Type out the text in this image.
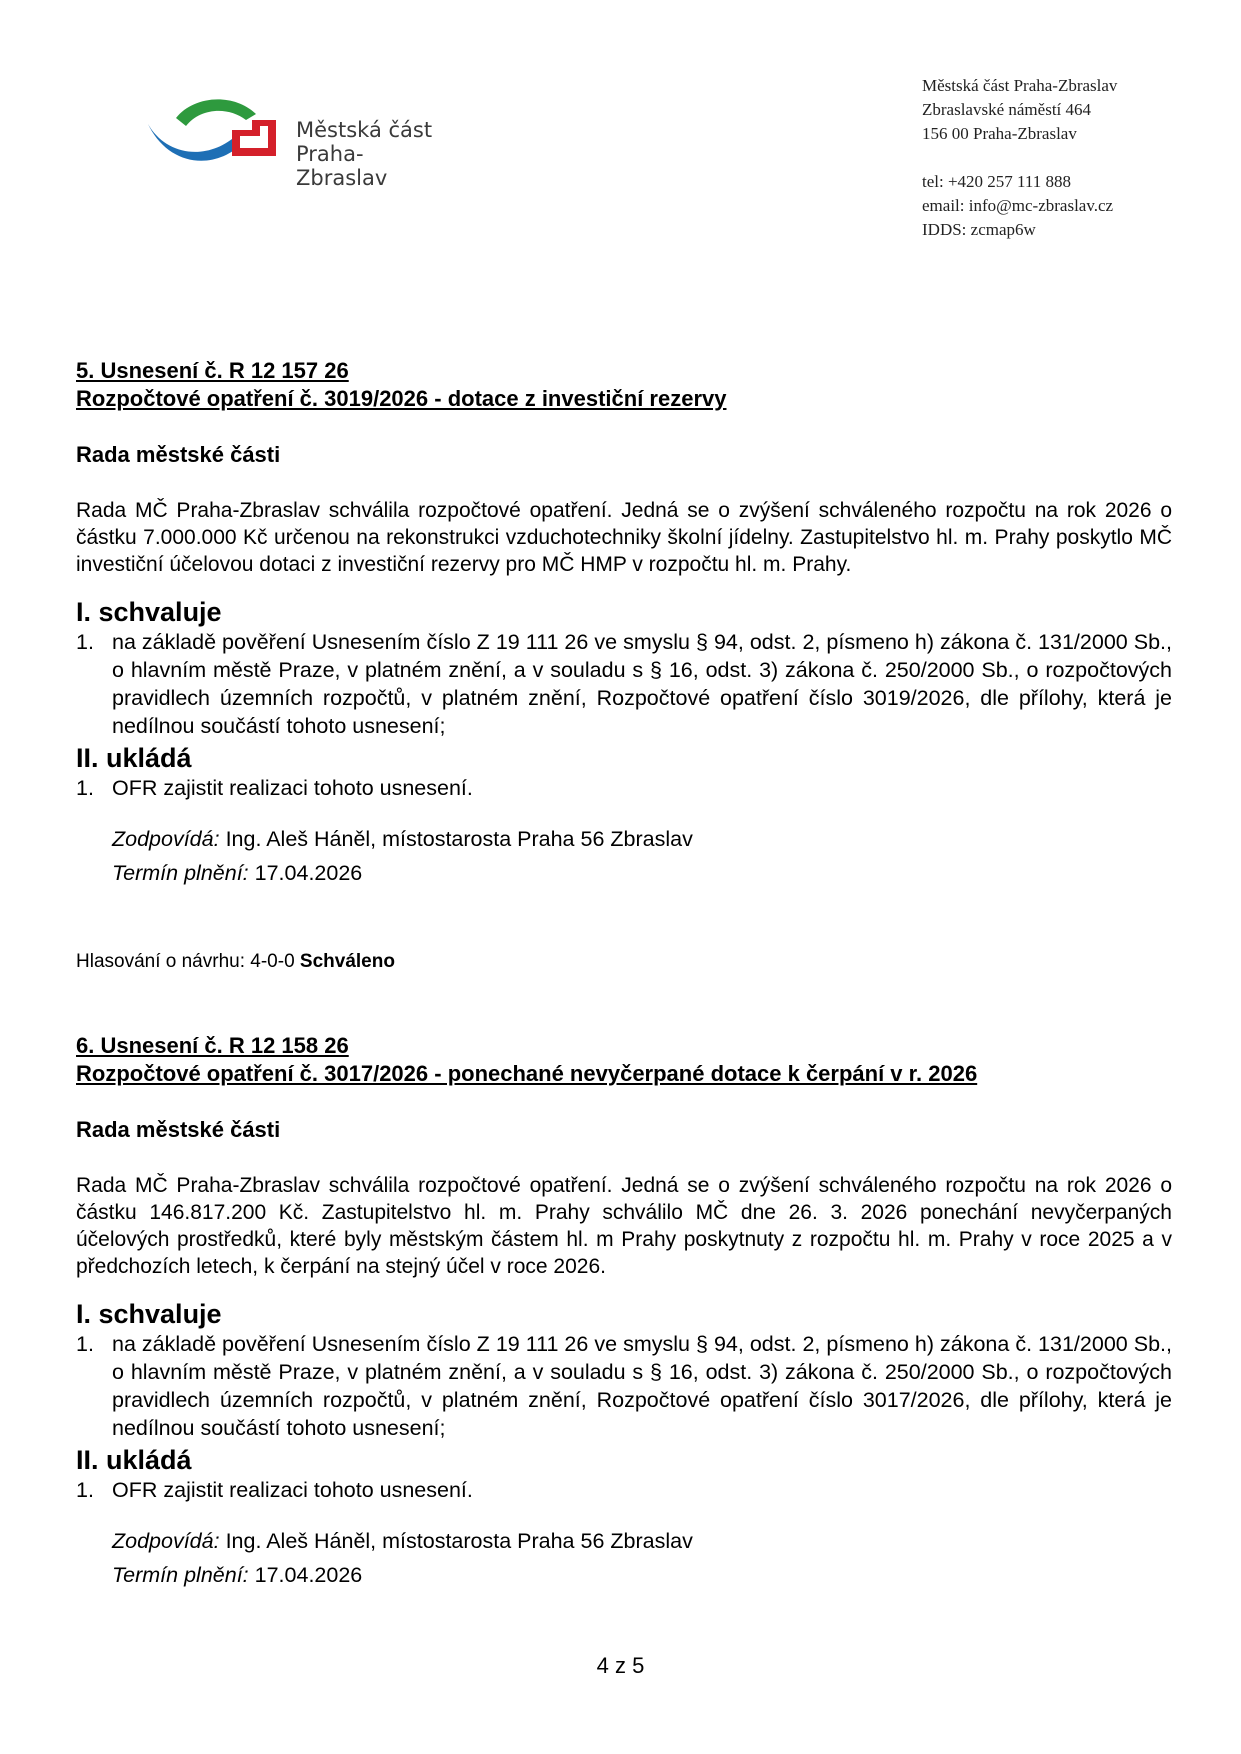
Městská část
Praha-Zbraslav
Městská část Praha-Zbraslav
Zbraslavské náměstí 464
156 00 Praha-Zbraslav
tel: +420 257 111 888
email: info@mc-zbraslav.cz
IDDS: zcmap6w
5. Usnesení č. R 12 157 26
Rozpočtové opatření č. 3019/2026 - dotace z investiční rezervy
Rada městské části
Rada MČ Praha-Zbraslav schválila rozpočtové opatření. Jedná se o zvýšení schváleného rozpočtu na rok 2026 o částku 7.000.000 Kč určenou na rekonstrukci vzduchotechniky školní jídelny. Zastupitelstvo hl. m. Prahy poskytlo MČ investiční účelovou dotaci z investiční rezervy pro MČ HMP v rozpočtu hl. m. Prahy.
I. schvaluje
1. na základě pověření Usnesením číslo Z 19 111 26 ve smyslu § 94, odst. 2, písmeno h) zákona č. 131/2000 Sb., o hlavním městě Praze, v platném znění, a v souladu s § 16, odst. 3) zákona č. 250/2000 Sb., o rozpočtových pravidlech územních rozpočtů, v platném znění, Rozpočtové opatření číslo 3019/2026, dle přílohy, která je nedílnou součástí tohoto usnesení;
II. ukládá
1. OFR zajistit realizaci tohoto usnesení.
Zodpovídá: Ing. Aleš Háněl, místostarosta Praha 56 Zbraslav
Termín plnění: 17.04.2026
Hlasování o návrhu: 4-0-0 Schváleno
6. Usnesení č. R 12 158 26
Rozpočtové opatření č. 3017/2026 - ponechané nevyčerpané dotace k čerpání v r. 2026
Rada městské části
Rada MČ Praha-Zbraslav schválila rozpočtové opatření. Jedná se o zvýšení schváleného rozpočtu na rok 2026 o částku 146.817.200 Kč. Zastupitelstvo hl. m. Prahy schválilo MČ dne 26. 3. 2026 ponechání nevyčerpaných účelových prostředků, které byly městským částem hl. m Prahy poskytnuty z rozpočtu hl. m. Prahy v roce 2025 a v předchozích letech, k čerpání na stejný účel v roce 2026.
I. schvaluje
1. na základě pověření Usnesením číslo Z 19 111 26 ve smyslu § 94, odst. 2, písmeno h) zákona č. 131/2000 Sb., o hlavním městě Praze, v platném znění, a v souladu s § 16, odst. 3) zákona č. 250/2000 Sb., o rozpočtových pravidlech územních rozpočtů, v platném znění, Rozpočtové opatření číslo 3017/2026, dle přílohy, která je nedílnou součástí tohoto usnesení;
II. ukládá
1. OFR zajistit realizaci tohoto usnesení.
Zodpovídá: Ing. Aleš Háněl, místostarosta Praha 56 Zbraslav
Termín plnění: 17.04.2026
4 z 5
